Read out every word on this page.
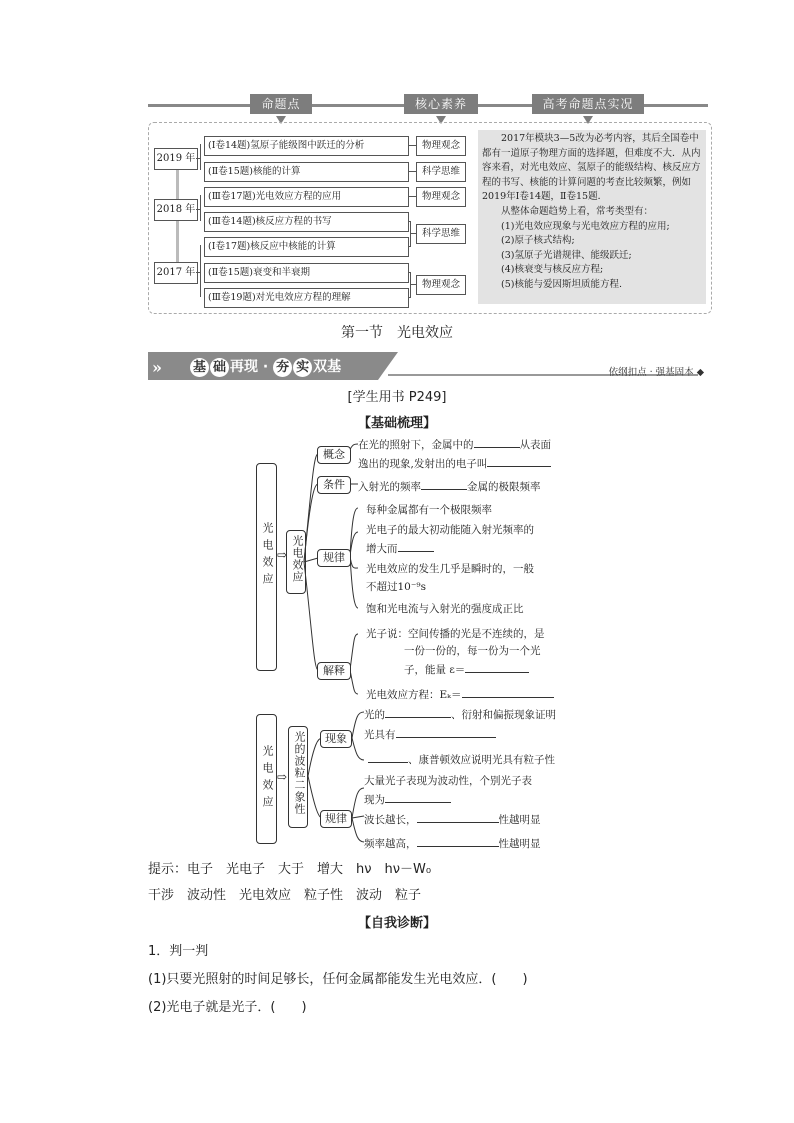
命题点	核心素养	高考命题点实况
2019 年
2018 年
2017 年
(Ⅰ卷14题)氢原子能级图中跃迁的分析
(Ⅱ卷15题)核能的计算
(Ⅲ卷17题)光电效应方程的应用
(Ⅲ卷14题)核反应方程的书写
(Ⅰ卷17题)核反应中核能的计算
(Ⅱ卷15题)衰变和半衰期
(Ⅲ卷19题)对光电效应方程的理解
物理观念
科学思维
物理观念
科学思维
物理观念

2017年模块3—5改为必考内容，其后全国卷中都有一道原子物理方面的选择题，但难度不大．从内容来看，对光电效应、氢原子的能级结构、核反应方程的书写、核能的计算问题的考查比较频繁，例如2019年Ⅰ卷14题，Ⅱ卷15题．

从整体命题趋势上看，常考类型有：

(1)光电效应现象与光电效应方程的应用;

(2)原子核式结构;

(3)氢原子光谱规律、能级跃迁;

(4)核衰变与核反应方程;

(5)核能与爱因斯坦质能方程.

第一节　光电效应
» 基 础 再现 · 夯 实 双基	依纲扣点 · 强基固本 ◆
[学生用书 P249]
【基础梳理】
光电效应 ⇨ 光电效应
概念
条件
规律
解释
在光的照射下，金属中的	从表面
逸出的现象,发射出的电子叫
入射光的频率	金属的极限频率
每种金属都有一个极限频率
光电子的最大初动能随入射光频率的
增大而
光电效应的发生几乎是瞬时的，一般
不超过10⁻⁹s
饱和光电流与入射光的强度成正比
光子说：空间传播的光是不连续的，是
一份一份的，每一份为一个光
子，能量 ε＝
光电效应方程：Eₖ＝
光电效应 ⇨ 光的波粒二象性	现象
规律
光的	、衍射和偏振现象证明
光具有
、康普顿效应说明光具有粒子性
大量光子表现为波动性，个别光子表
现为
波长越长，	性越明显
频率越高，	性越明显
提示：电子　光电子　大于　增大　hν　hν－W₀
干涉　波动性　光电效应　粒子性　波动　粒子
【自我诊断】
1．判一判
(1)只要光照射的时间足够长，任何金属都能发生光电效应．(　　)
(2)光电子就是光子．(　　)
